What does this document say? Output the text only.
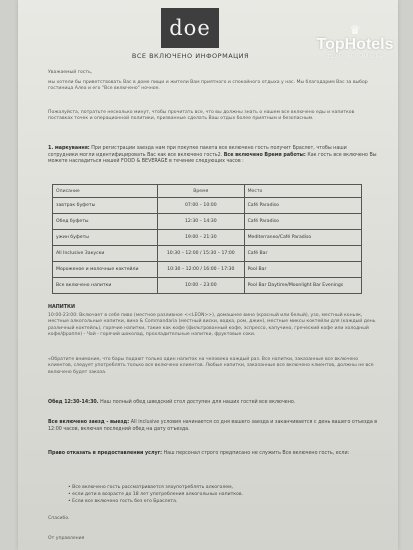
doe
ВСЕ ВКЛЮЧЕНО ИНФОРМАЦИЯ
Уважаемый гость,
мы хотели бы приветствовать Вас в доме пищи и жители Вам приятного и спокойного отдыха у нас. Мы благодарим Вас за выбор гостиница Алеа и его "Все включено" ночное.
Пожалуйста, потратьте несколько минут, чтобы прочитать все, что вы должны знать о нашем все включено еды и напитков поставках точек и операционной политики, призванные сделать Ваш отдых более приятным и безопасным.
1. маркування: При регистрации заезда нам при покупке пакета все включено гость получит Браслет, чтобы наши сотрудники могли идентифицировать Вас как все включено гость2. Все включено Время работы: Как гость все включено Вы можете насладиться нашей FOOD & BEVERAGE в течение следующих часов :
Описание	Время	Место
завтрак буфеты	07:00 – 10:00	Café Paradiso
Обед буфеты	12:30 – 14:30	Café Paradiso
ужин буфеты	19:00 – 21:30	Mediterraneo/Café Paradiso
All Inclusive Закуски	10:30 – 12:00 / 15:30 – 17:00	Café Bar
Мороженое и молочные коктейли	10:30 – 12:00 / 16:00 - 17:30	Pool Bar
Все включено напитки	10:00 – 23:00	Pool Bar Daytime/Moonlight Bar Evenings
НАПИТКИ
10:00-23:00: Включает в себя пиво (местное разливное <<LEON>>), домашнее вино (красный или белый), узо, местный коньяк, местные алкогольные напитки, вина & Commandaria (местный виски, водка, ром, джин), местные миксы коктейли для (каждый день различный коктейль), горячие напитки, такие как кофе (фильтрованный кофе, эспрессо, капучино, греческий кофе или холодный кофе/фраппе) - Чай - горячий шоколад, прохладительные напитки, фруктовые соки.
«Обратите внимание, что бары подают только один напиток на человека каждый раз. Все напитки, заказанные все включено клиентов, следует употреблять только все включено клиентов. Любые напитки, заказанные все включено клиентов, должны не все включено будет заказа.
Обед 12:30-14:30. Наш полный обед шведский стол доступен для наших гостей все включено.
Все включено заезд - выезд: All inclusive условия начинается со дня вашего заезда и заканчивается с день вашего отъезда в 12:00 часов, включая последний обед на дату отъезда.
Право отказать в предоставлении услуг: Наш персонал строго предписано не служить Все включено гость, если:
• Все включено гость рассматривается злоупотреблять алкоголем,
• если дети в возрасте до 18 лет употребления алкогольных напитков.
• Если все включено гость без его Браслета.
Спасибо.
От управления
♛
TopHotels
ФОТО ТУРИСТА
